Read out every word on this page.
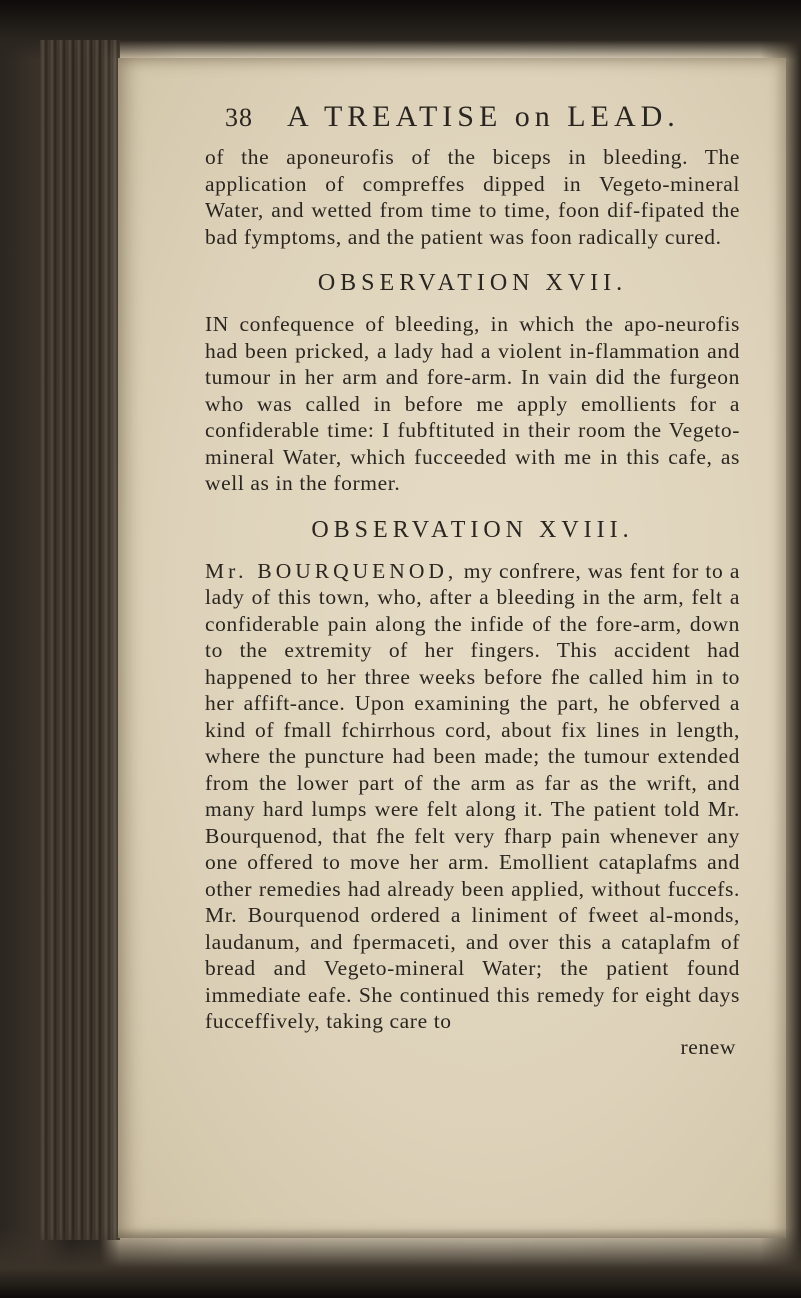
38 A TREATISE on LEAD.

of the aponeurofis of the biceps in bleeding. The application of compreffes dipped in Vegeto-mineral Water, and wetted from time to time, foon dif-fipated the bad fymptoms, and the patient was foon radically cured.

OBSERVATION XVII.

IN confequence of bleeding, in which the apo-neurofis had been pricked, a lady had a violent in-flammation and tumour in her arm and fore-arm. In vain did the furgeon who was called in before me apply emollients for a confiderable time: I fubftituted in their room the Vegeto-mineral Water, which fucceeded with me in this cafe, as well as in the former.

OBSERVATION XVIII.

Mr. BOURQUENOD, my confrere, was fent for to a lady of this town, who, after a bleeding in the arm, felt a confiderable pain along the infide of the fore-arm, down to the extremity of her fingers. This accident had happened to her three weeks before fhe called him in to her affift-ance. Upon examining the part, he obferved a kind of fmall fchirrhous cord, about fix lines in length, where the puncture had been made; the tumour extended from the lower part of the arm as far as the wrift, and many hard lumps were felt along it. The patient told Mr. Bourquenod, that fhe felt very fharp pain whenever any one offered to move her arm. Emollient cataplafms and other remedies had already been applied, without fuccefs. Mr. Bourquenod ordered a liniment of fweet al-monds, laudanum, and fpermaceti, and over this a cataplafm of bread and Vegeto-mineral Water; the patient found immediate eafe. She continued this remedy for eight days fucceffively, taking care to

renew
